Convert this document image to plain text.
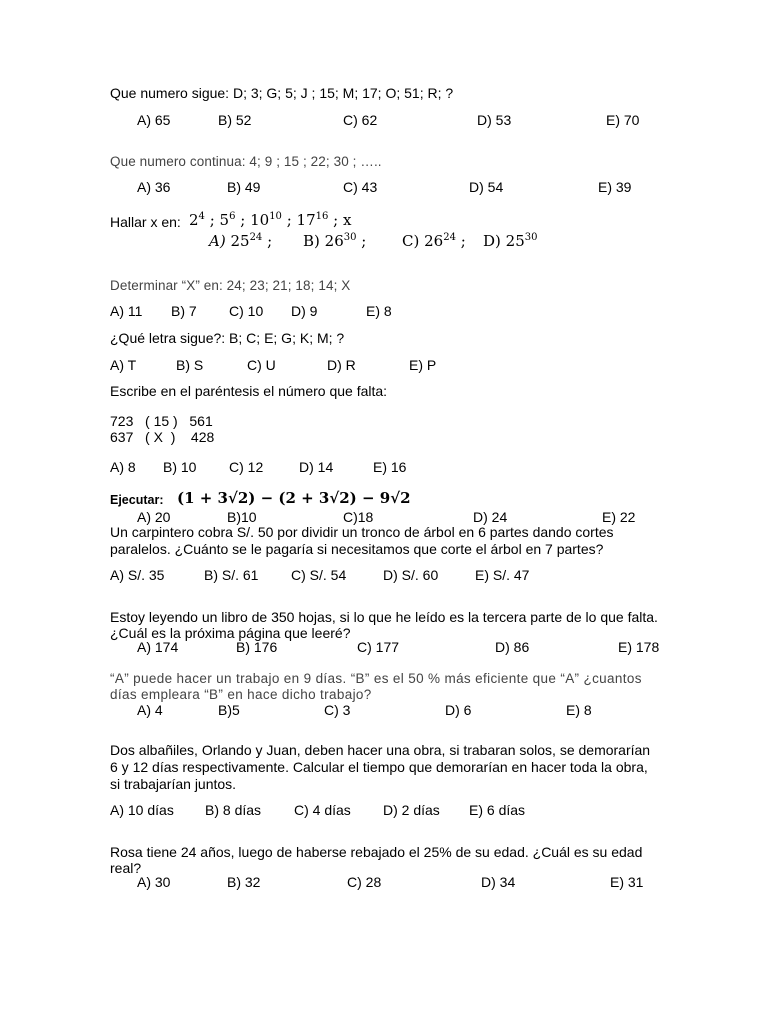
Que numero sigue: D; 3; G; 5; J ; 15; M; 17; O; 51; R; ?
A) 65	B) 52	C) 62	D) 53	E) 70
Que numero continua: 4; 9 ; 15 ; 22; 30 ; …..
A) 36	B) 49	C) 43	D) 54	E) 39
Hallar x en: $2^4$ ; $5^6$ ; $10^{10}$ ; $17^{16}$ ; x
A) $25^{24}$ ; B) $26^{30}$ ; C) $26^{24}$ ; D) $25^{30}$
Determinar “X” en: 24; 23; 21; 18; 14; X
A) 11 B) 7 C) 10 D) 9	E) 8
¿Qué letra sigue?: B; C; E; G; K; M; ?
A) T	B) S	C) U	D) R	E) P
Escribe en el paréntesis el número que falta:
723   ( 15 )   561
637   ( X  )    428
A) 8 B) 10 C) 12	D) 14	E) 16
Ejecutar: (1 + 3√2) − (2 + 3√2) − 9√2
A) 20	B)10	C)18	D) 24	E) 22
Un carpintero cobra S/. 50 por dividir un tronco de árbol en 6 partes dando cortes
paralelos. ¿Cuánto se le pagaría si necesitamos que corte el árbol en 7 partes?
A) S/. 35	B) S/. 61 C) S/. 54	D) S/. 60	E) S/. 47
Estoy leyendo un libro de 350 hojas, si lo que he leído es la tercera parte de lo que falta.
¿Cuál es la próxima página que leeré?
A) 174	B) 176	C) 177	D) 86	E) 178
“A” puede hacer un trabajo en 9 días. “B” es el 50 % más eficiente que “A” ¿cuantos
días empleara “B” en hace dicho trabajo?
A) 4	B)5	C) 3	D) 6	E) 8
Dos albañiles, Orlando y Juan, deben hacer una obra, si trabaran solos, se demorarían
6 y 12 días respectivamente. Calcular el tiempo que demorarían en hacer toda la obra,
si trabajarían juntos.
A) 10 días B) 8 días C) 4 días D) 2 días E) 6 días
Rosa tiene 24 años, luego de haberse rebajado el 25% de su edad. ¿Cuál es su edad
real?
A) 30	B) 32	C) 28	D) 34	E) 31
